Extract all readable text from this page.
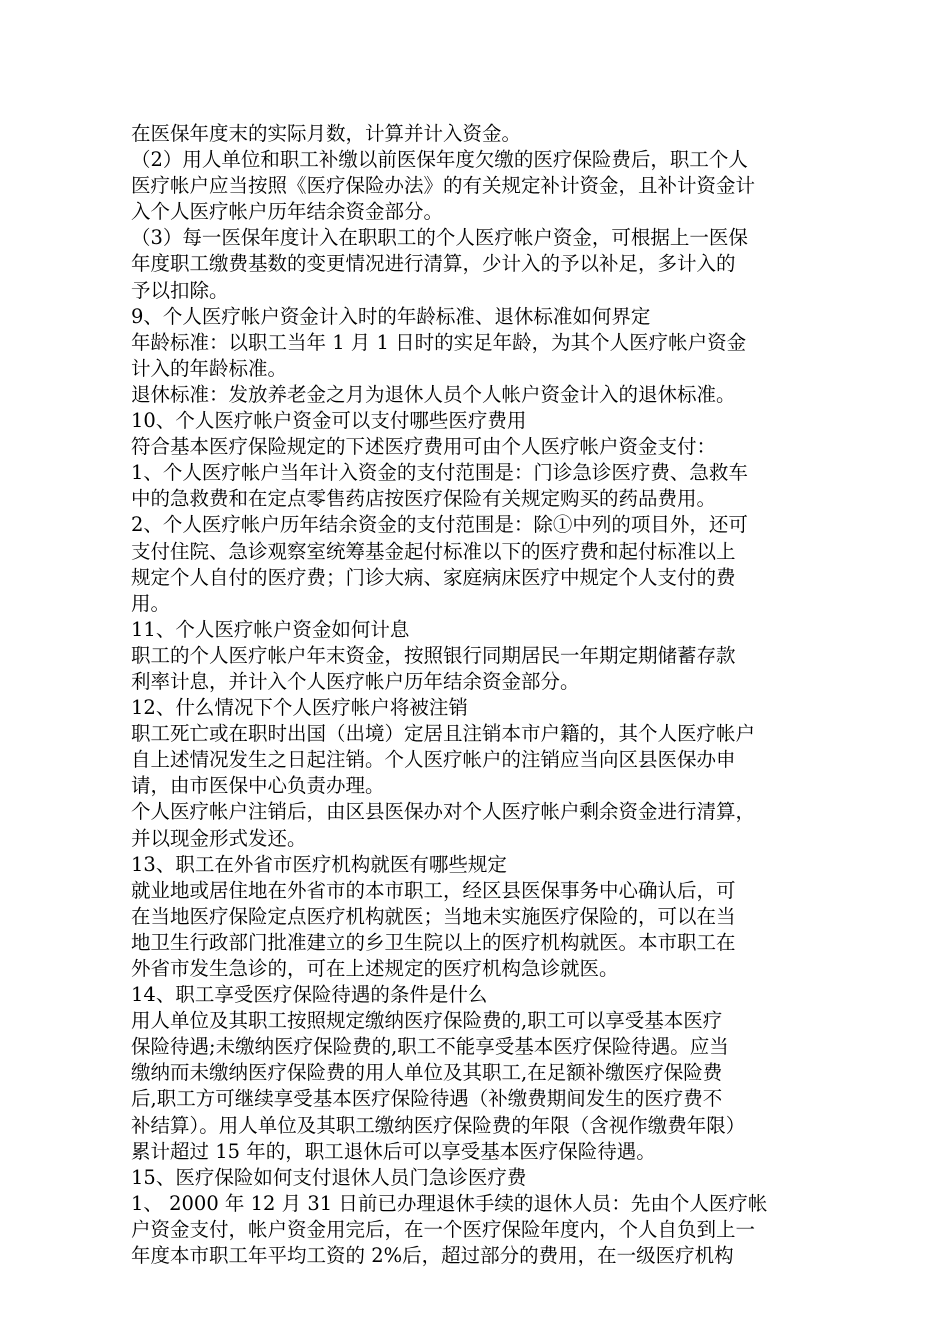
在医保年度末的实际月数，计算并计入资金。
（2）用人单位和职工补缴以前医保年度欠缴的医疗保险费后，职工个人
医疗帐户应当按照《医疗保险办法》的有关规定补计资金，且补计资金计
入个人医疗帐户历年结余资金部分。
（3）每一医保年度计入在职职工的个人医疗帐户资金，可根据上一医保
年度职工缴费基数的变更情况进行清算，少计入的予以补足，多计入的
予以扣除。
9、个人医疗帐户资金计入时的年龄标准、退休标准如何界定
年龄标准：以职工当年 1 月 1 日时的实足年龄，为其个人医疗帐户资金
计入的年龄标准。
退休标准：发放养老金之月为退休人员个人帐户资金计入的退休标准。
10、个人医疗帐户资金可以支付哪些医疗费用
符合基本医疗保险规定的下述医疗费用可由个人医疗帐户资金支付：
1、个人医疗帐户当年计入资金的支付范围是：门诊急诊医疗费、急救车
中的急救费和在定点零售药店按医疗保险有关规定购买的药品费用。
2、个人医疗帐户历年结余资金的支付范围是：除①中列的项目外，还可
支付住院、急诊观察室统筹基金起付标准以下的医疗费和起付标准以上
规定个人自付的医疗费；门诊大病、家庭病床医疗中规定个人支付的费
用。
11、个人医疗帐户资金如何计息
职工的个人医疗帐户年末资金，按照银行同期居民一年期定期储蓄存款
利率计息，并计入个人医疗帐户历年结余资金部分。
12、什么情况下个人医疗帐户将被注销
职工死亡或在职时出国（出境）定居且注销本市户籍的，其个人医疗帐户
自上述情况发生之日起注销。个人医疗帐户的注销应当向区县医保办申
请，由市医保中心负责办理。
个人医疗帐户注销后，由区县医保办对个人医疗帐户剩余资金进行清算，
并以现金形式发还。
13、职工在外省市医疗机构就医有哪些规定
就业地或居住地在外省市的本市职工，经区县医保事务中心确认后，可
在当地医疗保险定点医疗机构就医；当地未实施医疗保险的，可以在当
地卫生行政部门批准建立的乡卫生院以上的医疗机构就医。本市职工在
外省市发生急诊的，可在上述规定的医疗机构急诊就医。
14、职工享受医疗保险待遇的条件是什么
用人单位及其职工按照规定缴纳医疗保险费的,职工可以享受基本医疗
保险待遇;未缴纳医疗保险费的,职工不能享受基本医疗保险待遇。应当
缴纳而未缴纳医疗保险费的用人单位及其职工,在足额补缴医疗保险费
后,职工方可继续享受基本医疗保险待遇（补缴费期间发生的医疗费不
补结算）。用人单位及其职工缴纳医疗保险费的年限（含视作缴费年限）
累计超过 15 年的，职工退休后可以享受基本医疗保险待遇。
15、医疗保险如何支付退休人员门急诊医疗费
1、 2000 年 12 月 31 日前已办理退休手续的退休人员：先由个人医疗帐
户资金支付，帐户资金用完后，在一个医疗保险年度内，个人自负到上一
年度本市职工年平均工资的 2%后，超过部分的费用，在一级医疗机构
